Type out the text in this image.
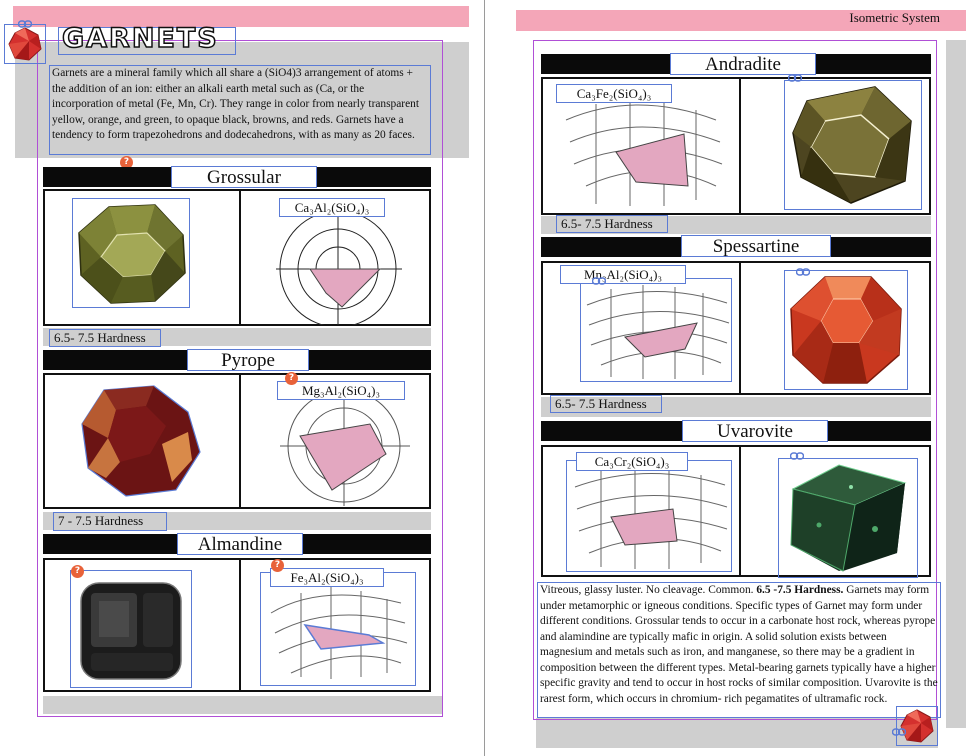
GARNETS
Garnets are a mineral family which all share a (SiO4)3 arrangement of atoms + the addition of an ion: either an alkali earth metal such as (Ca, or the incorporation of metal (Fe, Mn, Cr). They range in color from nearly transparent yellow, orange, and green, to opaque black, browns, and reds. Garnets have a tendency to form trapezohedrons and dodecahedrons, with as many as 20 faces.
?
Grossular
Ca₃Al₂(SiO₄)₃
6.5- 7.5 Hardness
Pyrope
Mg₃Al₂(SiO₄)₃
?
7 - 7.5 Hardness
Almandine
?	Fe₃Al₂(SiO₄)₃
?
Isometric System
Andradite
Ca₃Fe₂(SiO₄)₃
6.5- 7.5 Hardness
Spessartine
Mn₃Al₂(SiO₄)₃
6.5- 7.5 Hardness
Uvarovite
Ca₃Cr₂(SiO₄)₃
Vitreous, glassy luster. No cleavage. Common. 6.5 -7.5 Hardness. Garnets may form under metamorphic or igneous conditions. Specific types of Garnet may form under different conditions. Grossular tends to occur in a carbonate host rock, whereas pyrope and alamindine are typically mafic in origin. A solid solution exists between magnesium and metals such as iron, and manganese, so there may be a gradient in composition between the different types. Metal-bearing garnets typically have a higher specific gravity and tend to occur in host rocks of similar composition. Uvarovite is the rarest form, which occurs in chromium- rich pegamatites of ultramafic rock.
